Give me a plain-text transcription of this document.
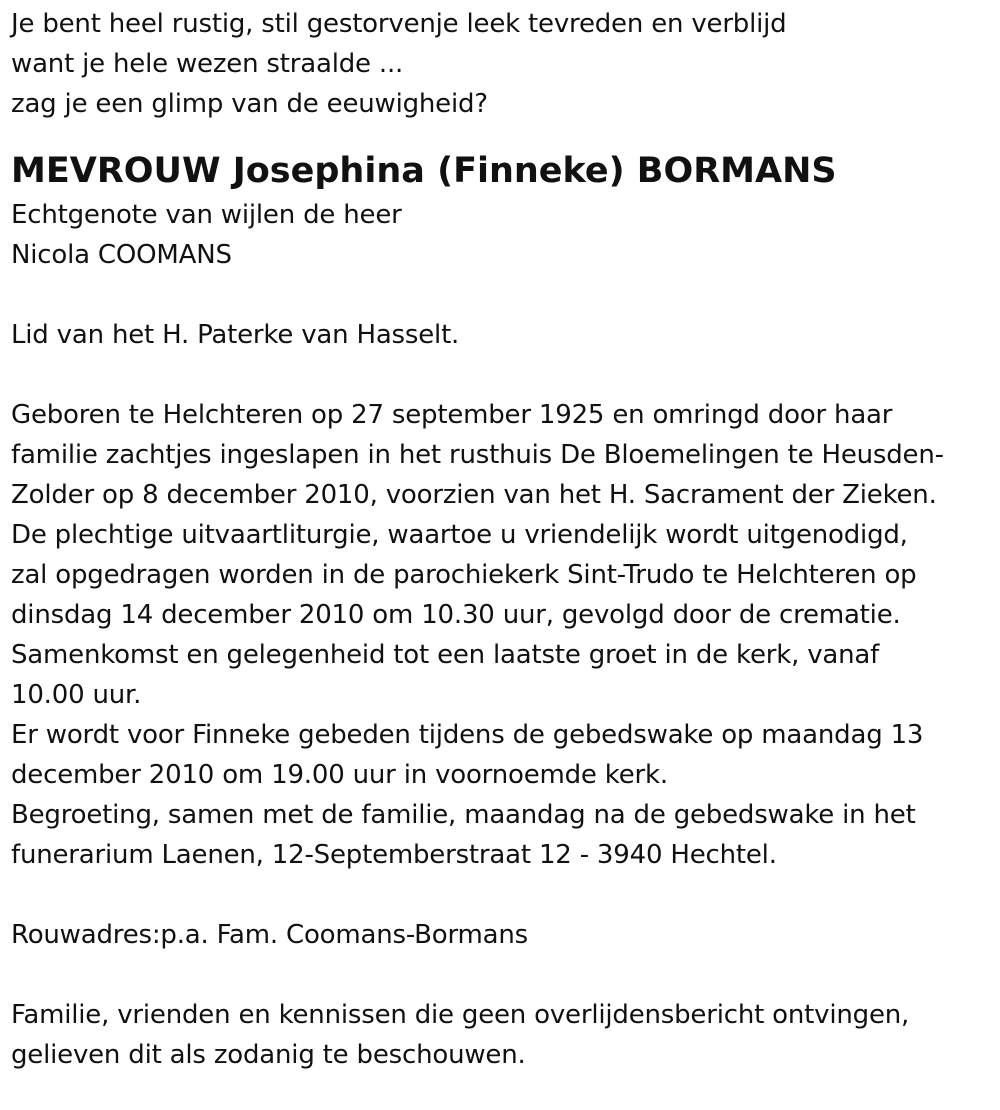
Je bent heel rustig, stil gestorvenje leek tevreden en verblijd
want je hele wezen straalde ...
zag je een glimp van de eeuwigheid?
MEVROUW Josephina (Finneke) BORMANS
Echtgenote van wijlen de heer
Nicola COOMANS
Lid van het H. Paterke van Hasselt.
Geboren te Helchteren op 27 september 1925 en omringd door haar
familie zachtjes ingeslapen in het rusthuis De Bloemelingen te Heusden-
Zolder op 8 december 2010, voorzien van het H. Sacrament der Zieken.
De plechtige uitvaartliturgie, waartoe u vriendelijk wordt uitgenodigd,
zal opgedragen worden in de parochiekerk Sint-Trudo te Helchteren op
dinsdag 14 december 2010 om 10.30 uur, gevolgd door de crematie.
Samenkomst en gelegenheid tot een laatste groet in de kerk, vanaf
10.00 uur.
Er wordt voor Finneke gebeden tijdens de gebedswake op maandag 13
december 2010 om 19.00 uur in voornoemde kerk.
Begroeting, samen met de familie, maandag na de gebedswake in het
funerarium Laenen, 12-Septemberstraat 12 - 3940 Hechtel.
Rouwadres:p.a. Fam. Coomans-Bormans
Familie, vrienden en kennissen die geen overlijdensbericht ontvingen,
gelieven dit als zodanig te beschouwen.
